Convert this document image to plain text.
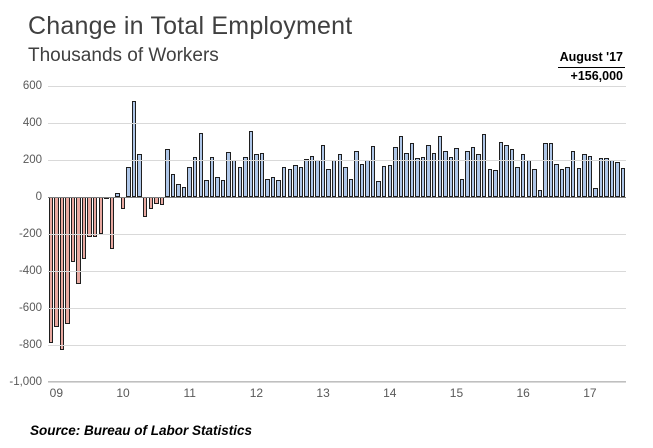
Change in Total Employment
Thousands of Workers	August '17
+156,000
600
400
200
0
-200
-400
-600
-800
-1,000
09	10	11	12	13	14	15	16	17
Source: Bureau of Labor Statistics
